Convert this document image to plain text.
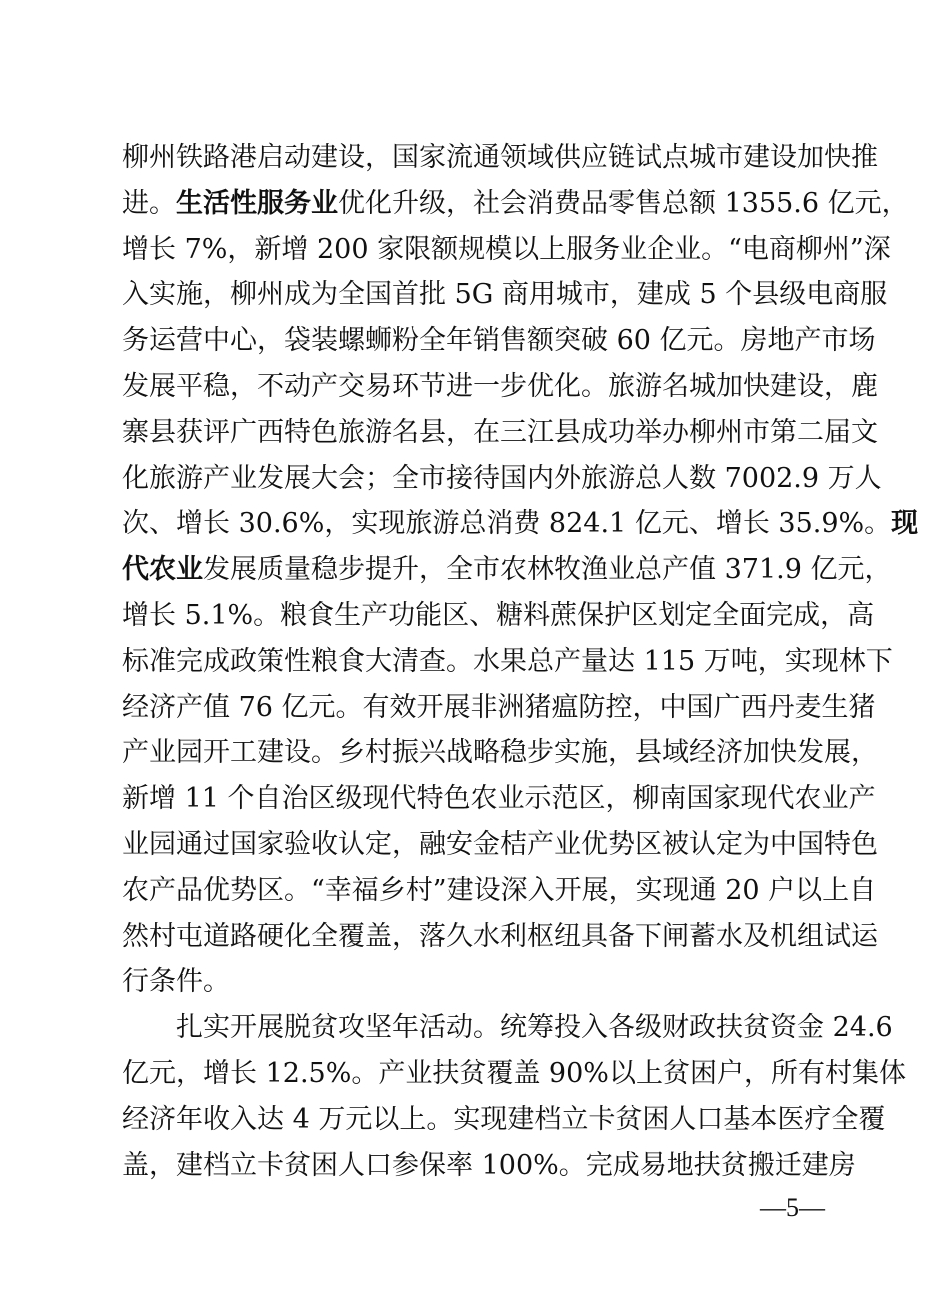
柳州铁路港启动建设，国家流通领域供应链试点城市建设加快推
进。生活性服务业优化升级，社会消费品零售总额 1355.6 亿元，
增长 7%，新增 200 家限额规模以上服务业企业。“电商柳州”深
入实施，柳州成为全国首批 5G 商用城市，建成 5 个县级电商服
务运营中心，袋装螺蛳粉全年销售额突破 60 亿元。房地产市场
发展平稳，不动产交易环节进一步优化。旅游名城加快建设，鹿
寨县获评广西特色旅游名县，在三江县成功举办柳州市第二届文
化旅游产业发展大会；全市接待国内外旅游总人数 7002.9 万人
次、增长 30.6%，实现旅游总消费 824.1 亿元、增长 35.9%。现
代农业发展质量稳步提升，全市农林牧渔业总产值 371.9 亿元，
增长 5.1%。粮食生产功能区、糖料蔗保护区划定全面完成，高
标准完成政策性粮食大清查。水果总产量达 115 万吨，实现林下
经济产值 76 亿元。有效开展非洲猪瘟防控，中国广西丹麦生猪
产业园开工建设。乡村振兴战略稳步实施，县域经济加快发展，
新增 11 个自治区级现代特色农业示范区，柳南国家现代农业产
业园通过国家验收认定，融安金桔产业优势区被认定为中国特色
农产品优势区。“幸福乡村”建设深入开展，实现通 20 户以上自
然村屯道路硬化全覆盖，落久水利枢纽具备下闸蓄水及机组试运
行条件。
扎实开展脱贫攻坚年活动。统筹投入各级财政扶贫资金 24.6
亿元，增长 12.5%。产业扶贫覆盖 90%以上贫困户，所有村集体
经济年收入达 4 万元以上。实现建档立卡贫困人口基本医疗全覆
盖，建档立卡贫困人口参保率 100%。完成易地扶贫搬迁建房
—5—
